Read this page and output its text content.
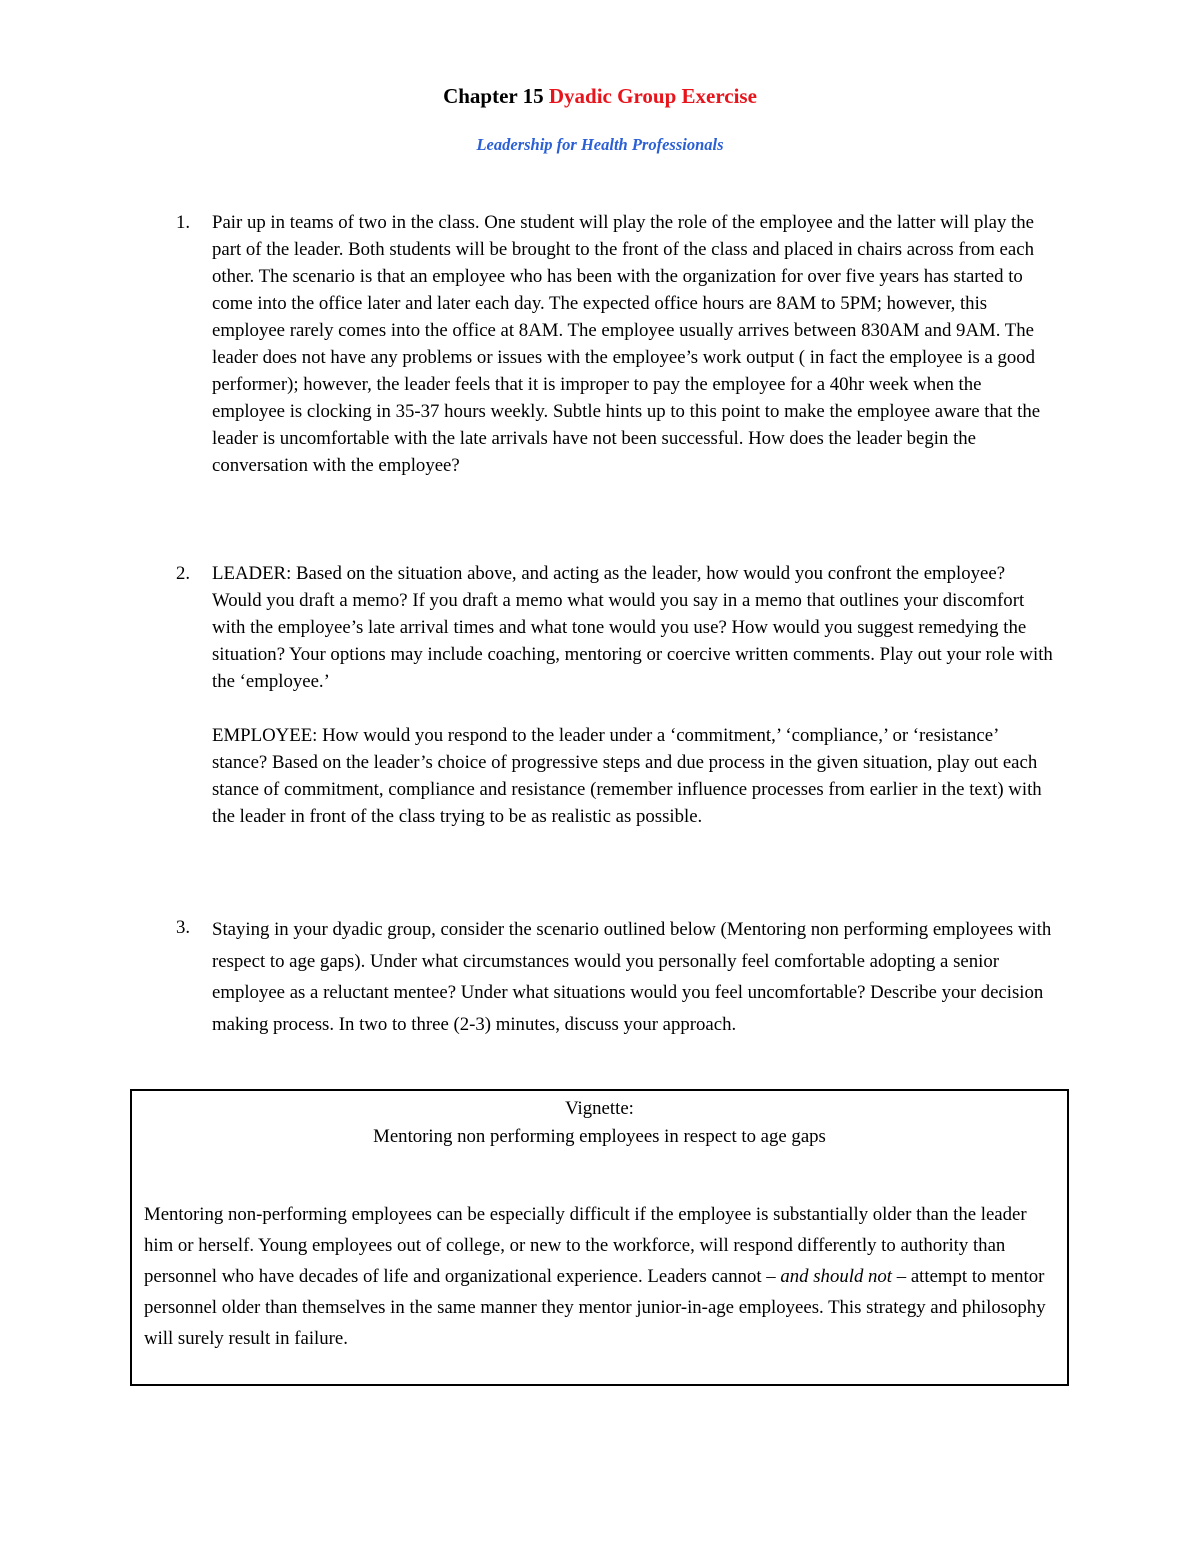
Chapter 15 Dyadic Group Exercise
Leadership for Health Professionals
1. Pair up in teams of two in the class. One student will play the role of the employee and the latter will play the part of the leader. Both students will be brought to the front of the class and placed in chairs across from each other. The scenario is that an employee who has been with the organization for over five years has started to come into the office later and later each day. The expected office hours are 8AM to 5PM; however, this employee rarely comes into the office at 8AM. The employee usually arrives between 830AM and 9AM. The leader does not have any problems or issues with the employee’s work output ( in fact the employee is a good performer); however, the leader feels that it is improper to pay the employee for a 40hr week when the employee is clocking in 35-37 hours weekly. Subtle hints up to this point to make the employee aware that the leader is uncomfortable with the late arrivals have not been successful. How does the leader begin the conversation with the employee?
2. LEADER: Based on the situation above, and acting as the leader, how would you confront the employee? Would you draft a memo? If you draft a memo what would you say in a memo that outlines your discomfort with the employee’s late arrival times and what tone would you use? How would you suggest remedying the situation? Your options may include coaching, mentoring or coercive written comments. Play out your role with the ‘employee.’
EMPLOYEE: How would you respond to the leader under a ‘commitment,’ ‘compliance,’ or ‘resistance’ stance? Based on the leader’s choice of progressive steps and due process in the given situation, play out each stance of commitment, compliance and resistance (remember influence processes from earlier in the text) with the leader in front of the class trying to be as realistic as possible.
3. Staying in your dyadic group, consider the scenario outlined below (Mentoring non performing employees with respect to age gaps). Under what circumstances would you personally feel comfortable adopting a senior employee as a reluctant mentee? Under what situations would you feel uncomfortable? Describe your decision making process. In two to three (2-3) minutes, discuss your approach.
Vignette:
Mentoring non performing employees in respect to age gaps
Mentoring non-performing employees can be especially difficult if the employee is substantially older than the leader him or herself. Young employees out of college, or new to the workforce, will respond differently to authority than personnel who have decades of life and organizational experience. Leaders cannot – and should not – attempt to mentor personnel older than themselves in the same manner they mentor junior-in-age employees. This strategy and philosophy will surely result in failure.
